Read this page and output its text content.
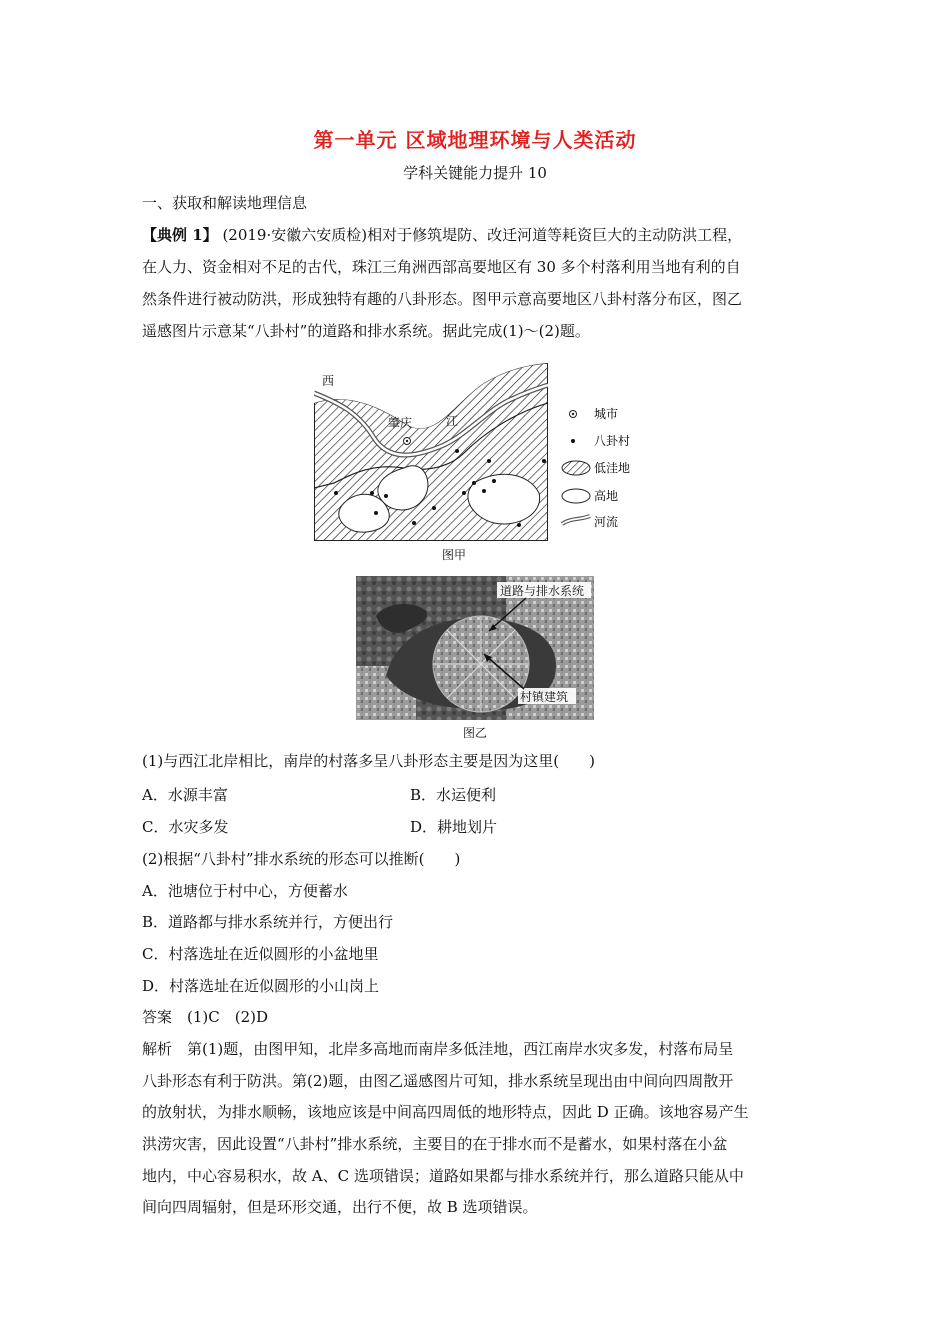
第一单元 区域地理环境与人类活动
学科关键能力提升 10
一、获取和解读地理信息
【典例 1】 (2019·安徽六安质检)相对于修筑堤防、改迁河道等耗资巨大的主动防洪工程，
在人力、资金相对不足的古代，珠江三角洲西部高要地区有 30 多个村落利用当地有利的自
然条件进行被动防洪，形成独特有趣的八卦形态。图甲示意高要地区八卦村落分布区，图乙
遥感图片示意某“八卦村”的道路和排水系统。据此完成(1)～(2)题。
西
江
肇庆
城市
八卦村
低洼地
高地
河流
图甲
道路与排水系统
村镇建筑
图乙
(1)与西江北岸相比，南岸的村落多呈八卦形态主要是因为这里(　　)
A．水源丰富	B．水运便利
C．水灾多发	D．耕地划片
(2)根据“八卦村”排水系统的形态可以推断(　　)
A．池塘位于村中心，方便蓄水
B．道路都与排水系统并行，方便出行
C．村落选址在近似圆形的小盆地里
D．村落选址在近似圆形的小山岗上
答案　(1)C　(2)D
解析　第(1)题，由图甲知，北岸多高地而南岸多低洼地，西江南岸水灾多发，村落布局呈
八卦形态有利于防洪。第(2)题，由图乙遥感图片可知，排水系统呈现出由中间向四周散开
的放射状，为排水顺畅，该地应该是中间高四周低的地形特点，因此 D 正确。该地容易产生
洪涝灾害，因此设置“八卦村”排水系统，主要目的在于排水而不是蓄水，如果村落在小盆
地内，中心容易积水，故 A、C 选项错误；道路如果都与排水系统并行，那么道路只能从中
间向四周辐射，但是环形交通，出行不便，故 B 选项错误。
